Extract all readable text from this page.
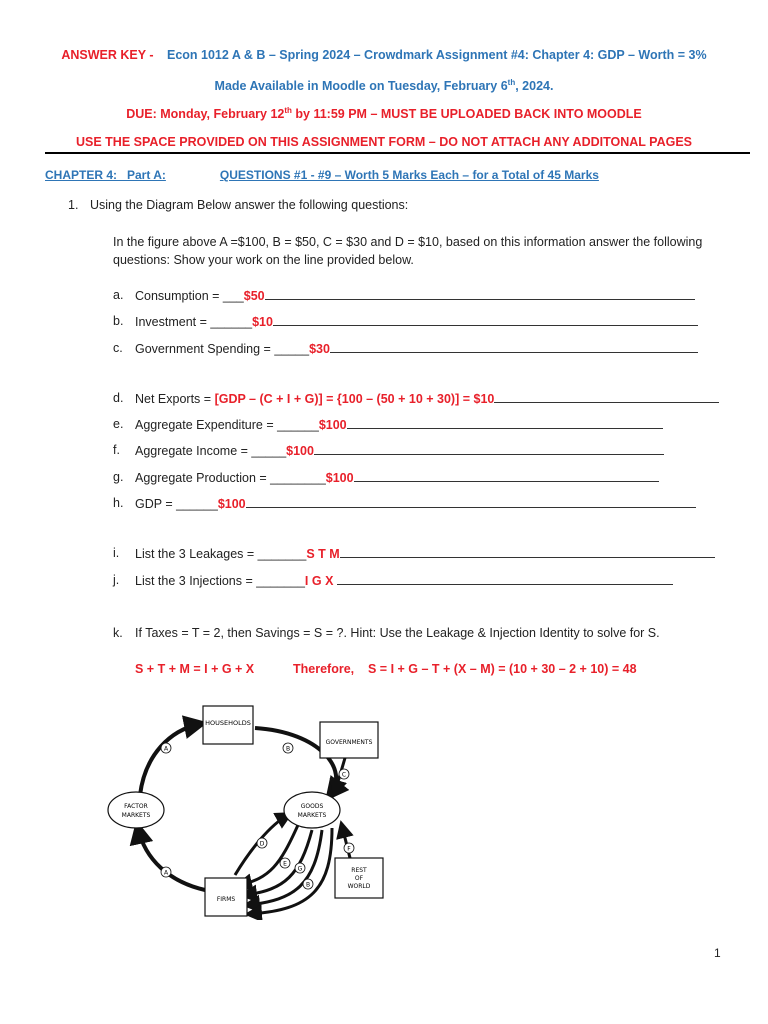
ANSWER KEY - Econ 1012 A & B – Spring 2024 – Crowdmark Assignment #4: Chapter 4: GDP – Worth = 3%
Made Available in Moodle on Tuesday, February 6th, 2024.
DUE: Monday, February 12th by 11:59 PM – MUST BE UPLOADED BACK INTO MOODLE
USE THE SPACE PROVIDED ON THIS ASSIGNMENT FORM – DO NOT ATTACH ANY ADDITONAL PAGES
CHAPTER 4:   Part A:	QUESTIONS #1 - #9 – Worth 5 Marks Each – for a Total of 45 Marks
1. Using the Diagram Below answer the following questions:
In the figure above A =$100, B = $50, C = $30 and D = $10, based on this information answer the following
questions: Show your work on the line provided below.
a. Consumption = ___$50
b. Investment = ______$10
c. Government Spending = _____$30
d. Net Exports = [GDP – (C + I + G)] = {100 – (50 + 10 + 30)] = $10
e. Aggregate Expenditure = ______$100
f. Aggregate Income = _____$100
g. Aggregate Production = ________$100
h. GDP = ______$100
i. List the 3 Leakages = _______S T M
j. List the 3 Injections = _______I G X
k. If Taxes = T = 2, then Savings = S = ?. Hint: Use the Leakage & Injection Identity to solve for S.
S + T + M = I + G + X	Therefore, S = I + G – T + (X – M) = (10 + 30 – 2 + 10) = 48
HOUSEHOLDS
GOVERNMENTS
FACTOR
MARKETS
GOODS
MARKETS
FIRMS
REST
OF
WORLD
A	B
C
A
D
E
G
B
F
1
